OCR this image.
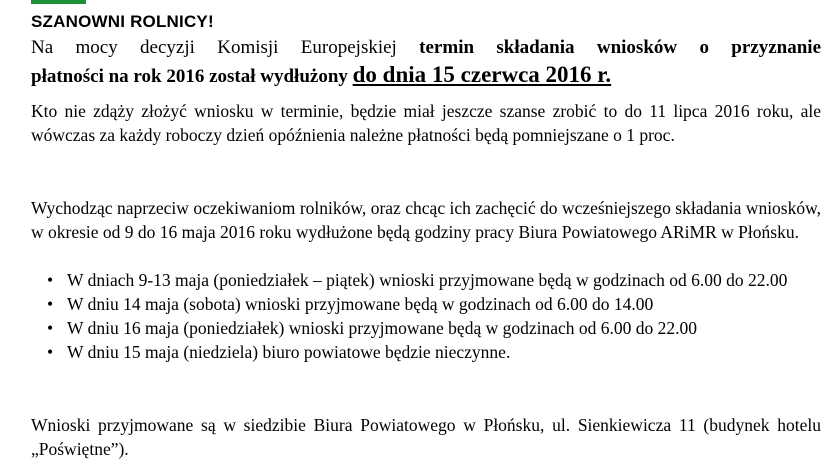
SZANOWNI ROLNICY!
Na mocy decyzji Komisji Europejskiej termin składania wniosków o przyznanie
płatności na rok 2016 został wydłużony do dnia 15 czerwca 2016 r.
Kto nie zdąży złożyć wniosku w terminie, będzie miał jeszcze szanse zrobić to do 11 lipca 2016 roku, ale wówczas za każdy roboczy dzień opóźnienia należne płatności będą pomniejszane o 1 proc.
Wychodząc naprzeciw oczekiwaniom rolników, oraz chcąc ich zachęcić do wcześniejszego składania wniosków, w okresie od 9 do 16 maja 2016 roku wydłużone będą godziny pracy Biura Powiatowego ARiMR w Płońsku.
• W dniach 9-13 maja (poniedziałek – piątek) wnioski przyjmowane będą w godzinach od 6.00 do 22.00
• W dniu 14 maja (sobota) wnioski przyjmowane będą w godzinach od 6.00 do 14.00
• W dniu 16 maja (poniedziałek) wnioski przyjmowane będą w godzinach od 6.00 do 22.00
• W dniu 15 maja (niedziela) biuro powiatowe będzie nieczynne.
Wnioski przyjmowane są w siedzibie Biura Powiatowego w Płońsku, ul. Sienkiewicza 11 (budynek hotelu „Poświętne”).
